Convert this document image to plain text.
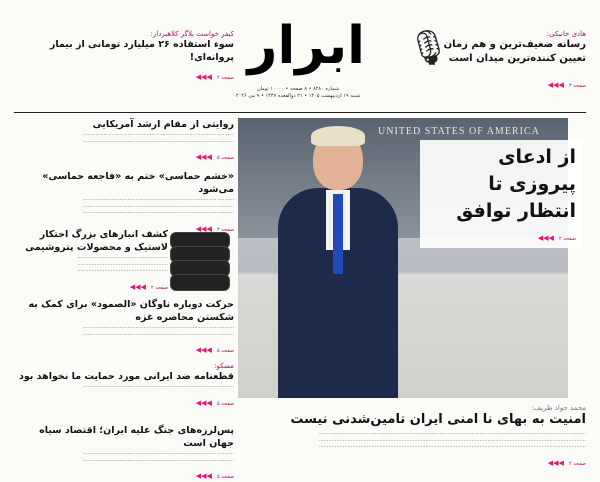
ابرار
شماره ۸۲۸۰ • ۸ صفحه • ۱۰۰۰۰ تومان
شنبه ۱۹ اردیبهشت ۱۴۰۵ • ۲۱ ذوالقعده ۱۴۴۷ • ۹ می ۲۰۲۶
هادی خانیکی:
رسانه ضعیف‌ترین و هم زمان تعیین کننده‌ترین میدان است
صفحه ۳ ◀◀◀
🎙
کیفر خواست بلاگر کلاهبردار:
سوء استفاده ۲۶ میلیارد تومانی از بیمار پروانه‌ای!
صفحه ۲ ◀◀◀
روایتی از مقام ارشد آمریکایی
...............................................................................................
...............................................................................................
صفحه ۵ ◀◀◀
«خشم حماسی» ختم به «فاجعه حماسی» می‌شود
...............................................................................................
...............................................................................................
...............................................................................................
صفحه ۳ ◀◀◀
کشف انبارهای بزرگ احتکار لاستیک و محصولات پتروشیمی
.........................................................
.........................................................
.........................................................
صفحه ۲ ◀◀◀
حرکت دوباره ناوگان «الصمود» برای کمک به شکستن محاصره غزه
...............................................................................................
...............................................................................................
صفحه ۵ ◀◀◀
مسکو:
قطعنامه ضد ایرانی مورد حمایت ما نخواهد بود
...............................................................................................
صفحه ۵ ◀◀◀
پس‌لرزه‌های جنگ علیه ایران؛ اقتصاد سیاه جهان است
...............................................................................................
...............................................................................................
صفحه ۵ ◀◀◀
UNITED STATES OF AMERICA
از ادعای پیروزی تا انتظار توافق
صفحه ۲ ◀◀◀
محمد جواد ظریف:
امنیت به بهای نا امنی ایران تامین‌شدنی نیست
........................................................................................................................................................................
........................................................................................................................................................................
........................................................................................................................................................................
صفحه ۲ ◀◀◀
